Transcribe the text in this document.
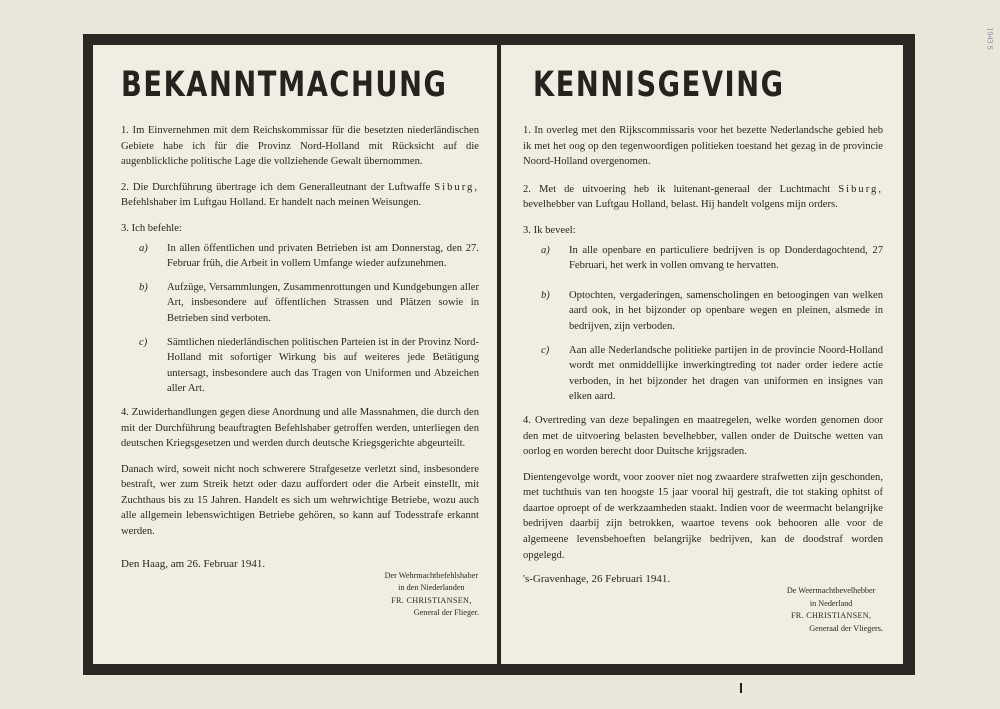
1943 S
BEKANNTMACHUNG

1. Im Einvernehmen mit dem Reichskommissar für die besetzten niederländischen Gebiete habe ich für die Provinz Nord-Holland mit Rücksicht auf die augenblickliche politische Lage die vollziehende Gewalt übernommen.

2. Die Durchführung übertrage ich dem Generalleutnant der Luftwaffe Siburg, Befehlshaber im Luftgau Holland. Er handelt nach meinen Weisungen.

3. Ich befehle:

a)	In allen öffentlichen und privaten Betrieben ist am Donnerstag, den 27. Februar früh, die Arbeit in vollem Umfange wieder aufzunehmen.
b)	Aufzüge, Versammlungen, Zusammenrottungen und Kundgebungen aller Art, insbesondere auf öffentlichen Strassen und Plätzen sowie in Betrieben sind verboten.
c)	Sämtlichen niederländischen politischen Parteien ist in der Provinz Nord-Holland mit sofortiger Wirkung bis auf weiteres jede Betätigung untersagt, insbesondere auch das Tragen von Uniformen und Abzeichen aller Art.

4. Zuwiderhandlungen gegen diese Anordnung und alle Massnahmen, die durch den mit der Durchführung beauftragten Befehlshaber getroffen werden, unterliegen den deutschen Kriegsgesetzen und werden durch deutsche Kriegsgerichte abgeurteilt.

Danach wird, soweit nicht noch schwerere Strafgesetze verletzt sind, insbesondere bestraft, wer zum Streik hetzt oder dazu auffordert oder die Arbeit einstellt, mit Zuchthaus bis zu 15 Jahren. Handelt es sich um wehrwichtige Betriebe, wozu auch alle allgemein lebenswichtigen Betriebe gehören, so kann auf Todesstrafe erkannt werden.

Den Haag, am 26. Februar 1941.
Der Wehrmachtbefehlshaber
in den Niederlanden
FR. CHRISTIANSEN,
General der Flieger.
KENNISGEVING

1. In overleg met den Rijkscommissaris voor het bezette Nederlandsche gebied heb ik met het oog op den tegenwoordigen politieken toestand het gezag in de provincie Noord-Holland overgenomen.

2. Met de uitvoering heb ik luitenant-generaal der Luchtmacht Siburg, bevelhebber van Luftgau Holland, belast. Hij handelt volgens mijn orders.

3. Ik beveel:

a)	In alle openbare en particuliere bedrijven is op Donderdagochtend, 27 Februari, het werk in vollen omvang te hervatten.
b)	Optochten, vergaderingen, samenscholingen en betoogingen van welken aard ook, in het bijzonder op openbare wegen en pleinen, alsmede in bedrijven, zijn verboden.
c)	Aan alle Nederlandsche politieke partijen in de provincie Noord-Holland wordt met onmiddellijke inwerkingtreding tot nader order iedere actie verboden, in het bijzonder het dragen van uniformen en insignes van elken aard.

4. Overtreding van deze bepalingen en maatregelen, welke worden genomen door den met de uitvoering belasten bevelhebber, vallen onder de Duitsche wetten van oorlog en worden berecht door Duitsche krijgsraden.

Dientengevolge wordt, voor zoover niet nog zwaardere strafwetten zijn geschonden, met tuchthuis van ten hoogste 15 jaar vooral hij gestraft, die tot staking ophitst of daartoe oproept of de werkzaamheden staakt. Indien voor de weermacht belangrijke bedrijven daarbij zijn betrokken, waartoe tevens ook behooren alle voor de algemeene levensbehoeften belangrijke bedrijven, kan de doodstraf worden opgelegd.

's-Gravenhage, 26 Februari 1941.
De Weermachtbevelhebber
in Nederland
FR. CHRISTIANSEN,
Generaal der Vliegers.
